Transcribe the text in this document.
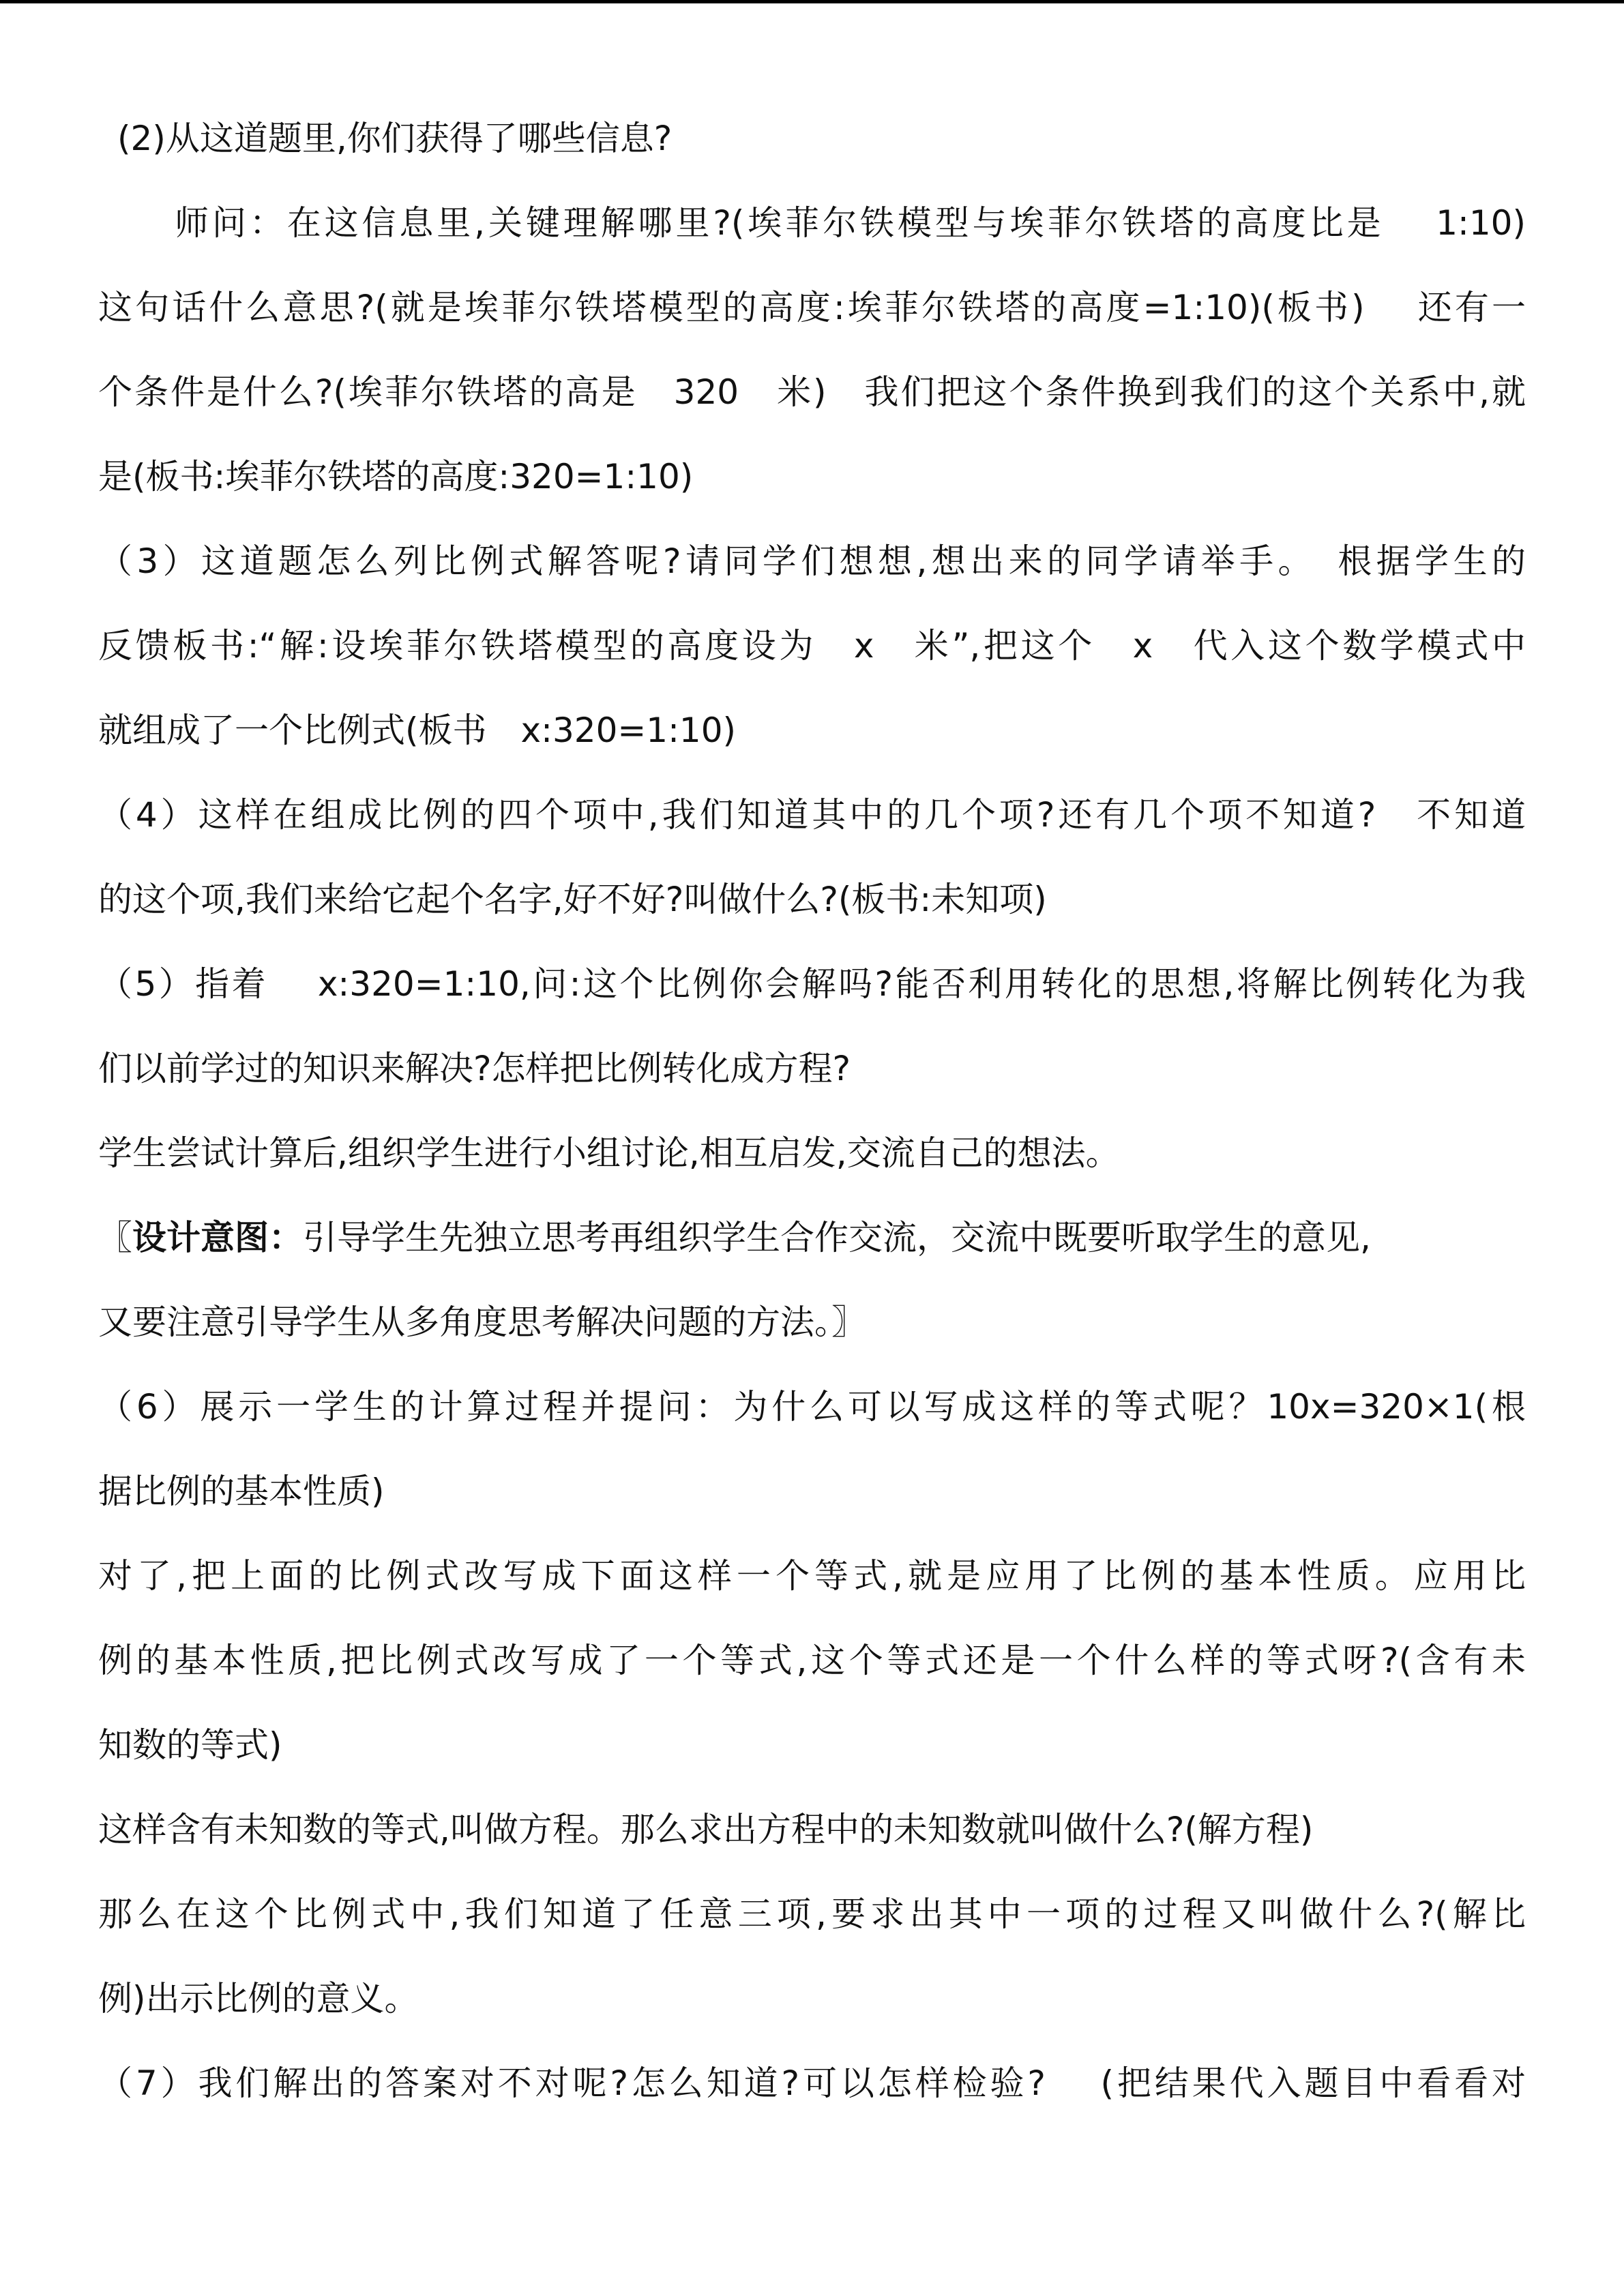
(2)从这道题里,你们获得了哪些信息?
师问：在这信息里,关键理解哪里?(埃菲尔铁模型与埃菲尔铁塔的高度比是　 1:10)
这句话什么意思?(就是埃菲尔铁塔模型的高度:埃菲尔铁塔的高度=1:10)(板书)　 还有一
个条件是什么?(埃菲尔铁塔的高是　320　米)　我们把这个条件换到我们的这个关系中,就
是(板书:埃菲尔铁塔的高度:320=1:10)
（3）这道题怎么列比例式解答呢?请同学们想想,想出来的同学请举手。　根据学生的
反馈板书:“解:设埃菲尔铁塔模型的高度设为　x　米”,把这个　x　代入这个数学模式中
就组成了一个比例式(板书　x:320=1:10)
（4）这样在组成比例的四个项中,我们知道其中的几个项?还有几个项不知道?　不知道
的这个项,我们来给它起个名字,好不好?叫做什么?(板书:未知项)
（5）指着　 x:320=1:10,问:这个比例你会解吗?能否利用转化的思想,将解比例转化为我
们以前学过的知识来解决?怎样把比例转化成方程?
学生尝试计算后,组织学生进行小组讨论,相互启发,交流自己的想法。
〖设计意图：引导学生先独立思考再组织学生合作交流，交流中既要听取学生的意见,
又要注意引导学生从多角度思考解决问题的方法。〗
（6）展示一学生的计算过程并提问：为什么可以写成这样的等式呢？10x=320×1(根
据比例的基本性质)
对了,把上面的比例式改写成下面这样一个等式,就是应用了比例的基本性质。应用比
例的基本性质,把比例式改写成了一个等式,这个等式还是一个什么样的等式呀?(含有未
知数的等式)
这样含有未知数的等式,叫做方程。那么求出方程中的未知数就叫做什么?(解方程)
那么在这个比例式中,我们知道了任意三项,要求出其中一项的过程又叫做什么?(解比
例)出示比例的意义。
（7）我们解出的答案对不对呢?怎么知道?可以怎样检验?　 (把结果代入题目中看看对
